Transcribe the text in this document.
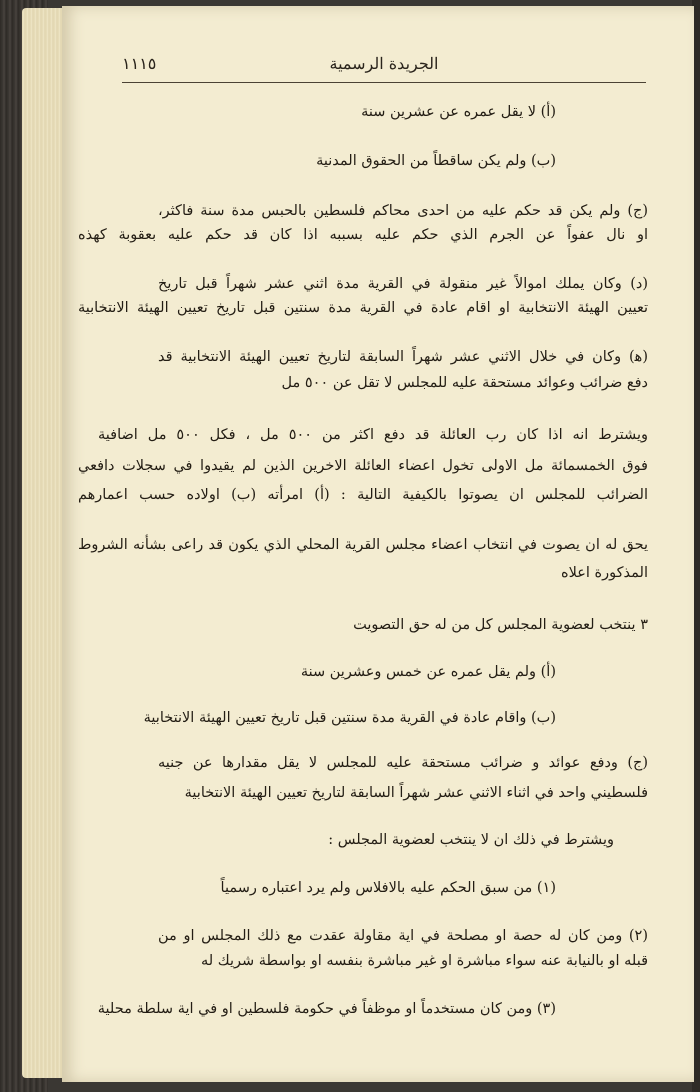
١١١٥	الجريدة الرسمية
(أ) لا يقل عمره عن عشرين سنة
(ب) ولم يكن ساقطاً من الحقوق المدنية
(ج) ولم يكن قد حكم عليه من احدى محاكم فلسطين بالحبس مدة سنة فاكثر،
او نال عفواً عن الجرم الذي حكم عليه بسببه اذا كان قد حكم عليه بعقوبة كهذه
(د) وكان يملك اموالاً غير منقولة في القرية مدة اثني عشر شهراً قبل تاريخ
تعيين الهيئة الانتخابية او اقام عادة في القرية مدة سنتين قبل تاريخ تعيين الهيئة الانتخابية
(ﻫ) وكان في خلال الاثني عشر شهراً السابقة لتاريخ تعيين الهيئة الانتخابية قد
دفع ضرائب وعوائد مستحقة عليه للمجلس لا تقل عن ٥٠٠ مل
ويشترط انه اذا كان رب العائلة قد دفع اكثر من ٥٠٠ مل ، فكل ٥٠٠ مل اضافية
فوق الخمسمائة مل الاولى تخول اعضاء العائلة الاخرين الذين لم يقيدوا في سجلات دافعي
الضرائب للمجلس ان يصوتوا بالكيفية التالية : (أ) امرأته (ب) اولاده حسب اعمارهم
يحق له ان يصوت في انتخاب اعضاء مجلس القرية المحلي الذي يكون قد راعى بشأنه الشروط
المذكورة اعلاه
٣ ينتخب لعضوية المجلس كل من له حق التصويت
(أ) ولم يقل عمره عن خمس وعشرين سنة
(ب) واقام عادة في القرية مدة سنتين قبل تاريخ تعيين الهيئة الانتخابية
(ج) ودفع عوائد و ضرائب مستحقة عليه للمجلس لا يقل مقدارها عن جنيه
فلسطيني واحد في اثناء الاثني عشر شهراً السابقة لتاريخ تعيين الهيئة الانتخابية
ويشترط في ذلك ان لا ينتخب لعضوية المجلس :
(١) من سبق الحكم عليه بالافلاس ولم يرد اعتباره رسمياً
(٢) ومن كان له حصة او مصلحة في اية مقاولة عقدت مع ذلك المجلس او من
قبله او بالنيابة عنه سواء مباشرة او غير مباشرة بنفسه او بواسطة شريك له
(٣) ومن كان مستخدماً او موظفاً في حكومة فلسطين او في اية سلطة محلية
